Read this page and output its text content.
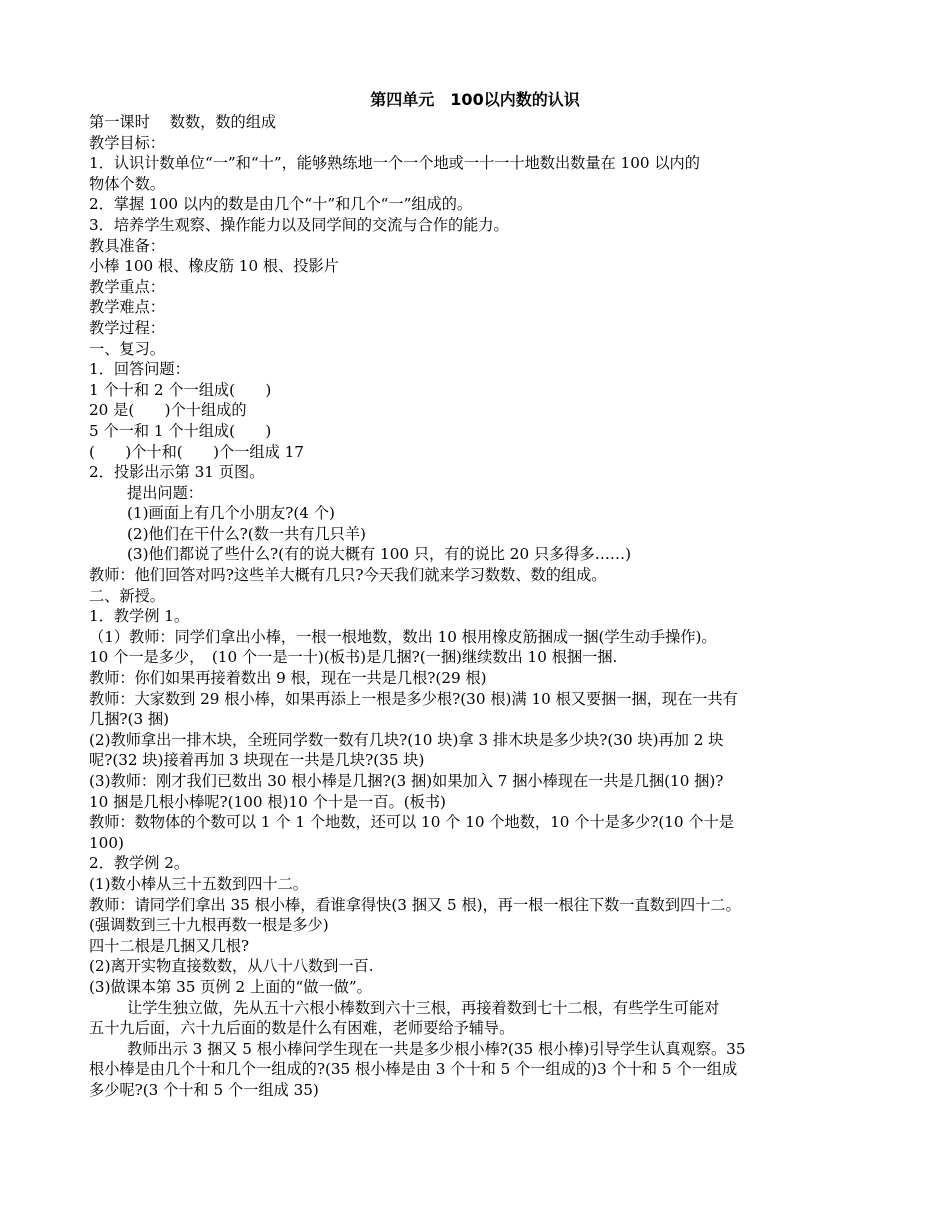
第四单元　100以内数的认识
第一课时　 数数，数的组成
教学目标：
1．认识计数单位“一”和“十”，能够熟练地一个一个地或一十一十地数出数量在 100 以内的
物体个数。
2．掌握 100 以内的数是由几个“十”和几个“一”组成的。
3．培养学生观察、操作能力以及同学间的交流与合作的能力。
教具准备：
小棒 100 根、橡皮筋 10 根、投影片
教学重点：
教学难点：
教学过程：
一、复习。
1．回答问题：
1 个十和 2 个一组成(　　)
20 是(　　)个十组成的
5 个一和 1 个十组成(　　)
(　　)个十和(　　)个一组成 17
2．投影出示第 31 页图。
提出问题：
(1)画面上有几个小朋友?(4 个)
(2)他们在干什么?(数一共有几只羊)
(3)他们都说了些什么?(有的说大概有 100 只，有的说比 20 只多得多……)
教师：他们回答对吗?这些羊大概有几只?今天我们就来学习数数、数的组成。
二、新授。
1．教学例 1。
（1）教师：同学们拿出小棒，一根一根地数，数出 10 根用橡皮筋捆成一捆(学生动手操作)。
10 个一是多少，　(10 个一是一十)(板书)是几捆?(一捆)继续数出 10 根捆一捆.
教师：你们如果再接着数出 9 根，现在一共是几根?(29 根)
教师：大家数到 29 根小棒，如果再添上一根是多少根?(30 根)满 10 根又要捆一捆，现在一共有
几捆?(3 捆)
(2)教师拿出一排木块，全班同学数一数有几块?(10 块)拿 3 排木块是多少块?(30 块)再加 2 块
呢?(32 块)接着再加 3 块现在一共是几块?(35 块)
(3)教师：刚才我们已数出 30 根小棒是几捆?(3 捆)如果加入 7 捆小棒现在一共是几捆(10 捆)?
10 捆是几根小棒呢?(100 根)10 个十是一百。(板书)
教师：数物体的个数可以 1 个 1 个地数，还可以 10 个 10 个地数，10 个十是多少?(10 个十是
100)
2．教学例 2。
(1)数小棒从三十五数到四十二。
教师：请同学们拿出 35 根小棒，看谁拿得快(3 捆又 5 根)，再一根一根往下数一直数到四十二。
(强调数到三十九根再数一根是多少)
四十二根是几捆又几根?
(2)离开实物直接数数，从八十八数到一百.
(3)做课本第 35 页例 2 上面的“做一做”。
让学生独立做，先从五十六根小棒数到六十三根，再接着数到七十二根，有些学生可能对
五十九后面，六十九后面的数是什么有困难，老师要给予辅导。
教师出示 3 捆又 5 根小棒问学生现在一共是多少根小棒?(35 根小棒)引导学生认真观察。35
根小棒是由几个十和几个一组成的?(35 根小棒是由 3 个十和 5 个一组成的)3 个十和 5 个一组成
多少呢?(3 个十和 5 个一组成 35)
